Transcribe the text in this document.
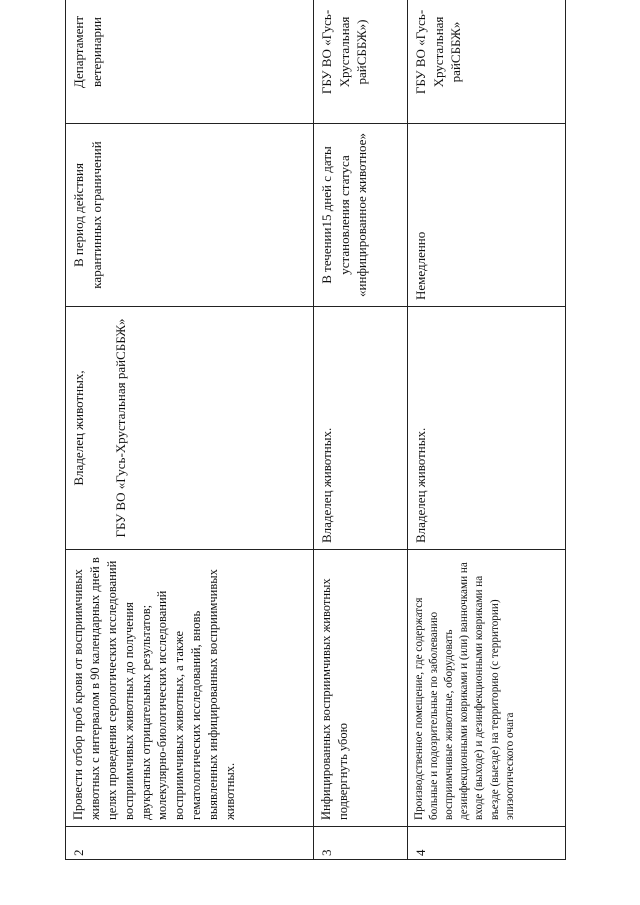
2	Провести отбор проб крови от восприимчивых животных с интервалом в 90 календарных дней в целях проведения серологических исследований восприимчивых животных до получения двукратных отрицательных результатов; молекулярно-биологических исследований восприимчивых животных, а также гематологических исследований, вновь выявленных инфицированных восприимчивых животных.	Владелец животных, ГБУ ВО «Гусь-Хрустальная райСББЖ»	В период действия карантинных ограничений	Департамент ветеринарии
3	Инфицированных восприимчивых животных подвергнуть убою	Владелец животных.	В течении15 дней с даты установления статуса «инфицированное животное»	ГБУ ВО «Гусь-Хрустальная райСББЖ»)
4	Производственное помещение, где содержатся больные и подозрительные по заболеванию восприимчивые животные, оборудовать дезинфекционными ковриками и (или) ванночками на входе (выходе) и дезинфекционными ковриками на въезде (выезде) на территорию (с территории) эпизоотического очага	Владелец животных.	Немедленно	ГБУ ВО «Гусь-Хрустальная райСББЖ»
